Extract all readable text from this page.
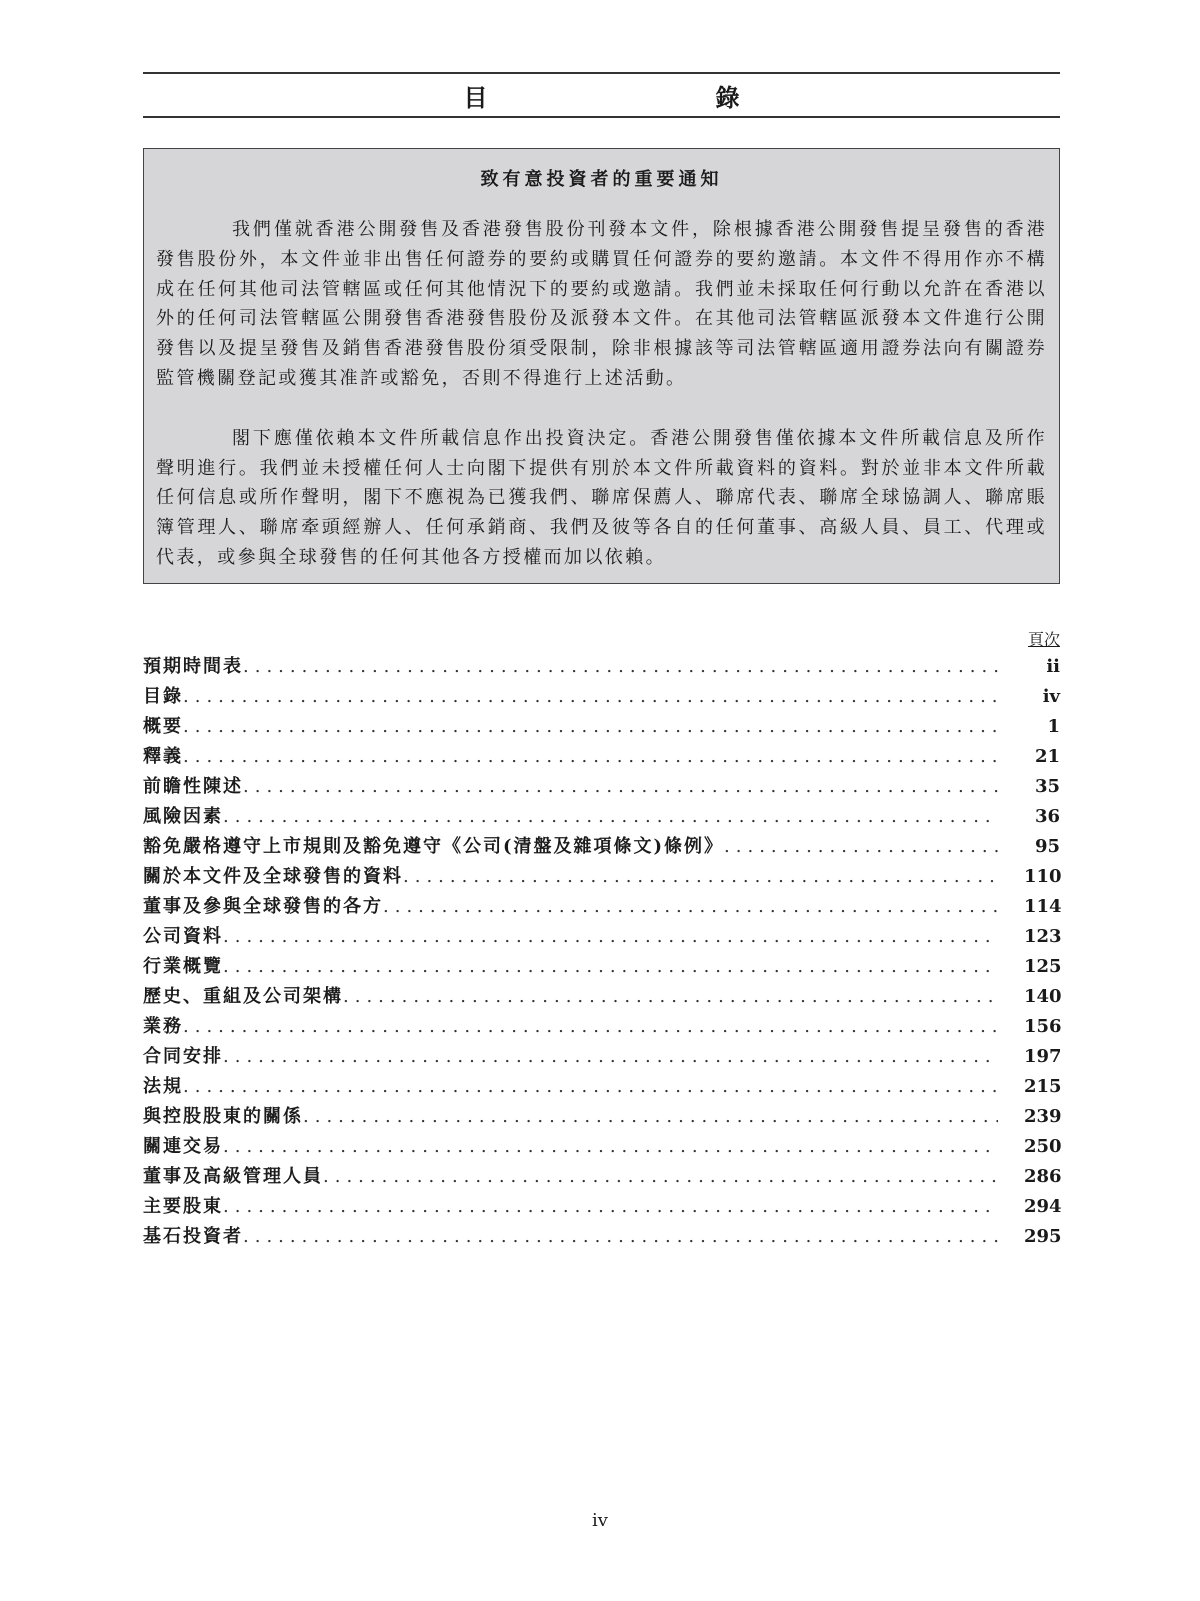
目　　錄
致有意投資者的重要通知

我們僅就香港公開發售及香港發售股份刊發本文件，除根據香港公開發售提呈發售的香港發售股份外，本文件並非出售任何證券的要約或購買任何證券的要約邀請。本文件不得用作亦不構成在任何其他司法管轄區或任何其他情況下的要約或邀請。我們並未採取任何行動以允許在香港以外的任何司法管轄區公開發售香港發售股份及派發本文件。在其他司法管轄區派發本文件進行公開發售以及提呈發售及銷售香港發售股份須受限制，除非根據該等司法管轄區適用證券法向有關證券監管機關登記或獲其准許或豁免，否則不得進行上述活動。

閣下應僅依賴本文件所載信息作出投資決定。香港公開發售僅依據本文件所載信息及所作聲明進行。我們並未授權任何人士向閣下提供有別於本文件所載資料的資料。對於並非本文件所載任何信息或所作聲明，閣下不應視為已獲我們、聯席保薦人、聯席代表、聯席全球協調人、聯席賬簿管理人、聯席牽頭經辦人、任何承銷商、我們及彼等各自的任何董事、高級人員、員工、代理或代表，或參與全球發售的任何其他各方授權而加以依賴。

頁次
預期時間表 .....	ii
目錄 .....	iv
概要 .....	1
釋義 .....	21
前瞻性陳述 .....	35
風險因素 .....	36
豁免嚴格遵守上市規則及豁免遵守《公司(清盤及雜項條文)條例》 .....	95
關於本文件及全球發售的資料 .....	110
董事及參與全球發售的各方 .....	114
公司資料 .....	123
行業概覽 .....	125
歷史、重組及公司架構 .....	140
業務 .....	156
合同安排 .....	197
法規 .....	215
與控股股東的關係 .....	239
關連交易 .....	250
董事及高級管理人員 .....	286
主要股東 .....	294
基石投資者 .....	295
iv
